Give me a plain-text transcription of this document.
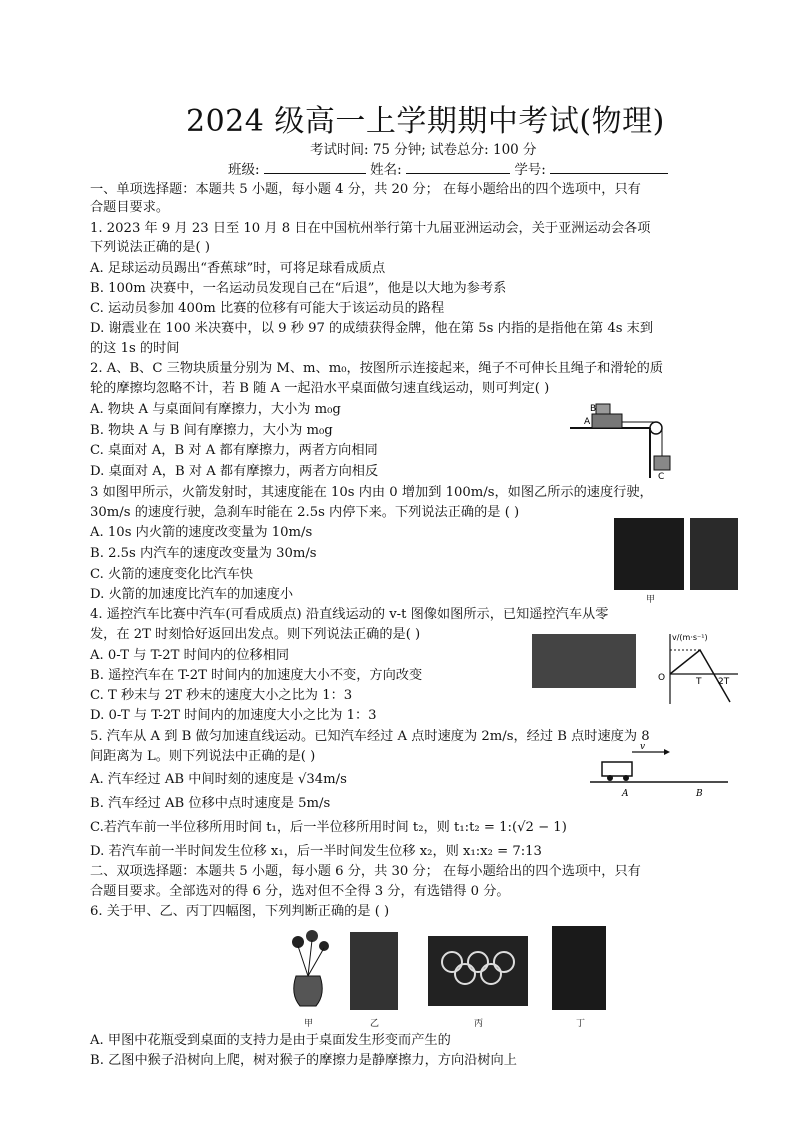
2024 级高一上学期期中考试(物理)
考试时间: 75 分钟; 试卷总分: 100 分
班级:	姓名:	学号:
一、单项选择题：本题共 5 小题，每小题 4 分，共 20 分； 在每小题给出的四个选项中，只有
合题目要求。
1. 2023 年 9 月 23 日至 10 月 8 日在中国杭州举行第十九届亚洲运动会，关于亚洲运动会各项
下列说法正确的是( )
A. 足球运动员踢出“香蕉球”时，可将足球看成质点
B. 100m 决赛中，一名运动员发现自己在“后退”，他是以大地为参考系
C. 运动员参加 400m 比赛的位移有可能大于该运动员的路程
D. 谢震业在 100 米决赛中，以 9 秒 97 的成绩获得金牌，他在第 5s 内指的是指他在第 4s 末到
的这 1s 的时间
2. A、B、C 三物块质量分别为 M、m、m₀，按图所示连接起来，绳子不可伸长且绳子和滑轮的质
轮的摩擦均忽略不计，若 B 随 A 一起沿水平桌面做匀速直线运动，则可判定( )
A. 物块 A 与桌面间有摩擦力，大小为 m₀g
B. 物块 A 与 B 间有摩擦力，大小为 m₀g
C. 桌面对 A，B 对 A 都有摩擦力，两者方向相同
D. 桌面对 A，B 对 A 都有摩擦力，两者方向相反
3 如图甲所示，火箭发射时，其速度能在 10s 内由 0 增加到 100m/s，如图乙所示的速度行驶，
30m/s 的速度行驶，急刹车时能在 2.5s 内停下来。下列说法正确的是 ( )
A. 10s 内火箭的速度改变量为 10m/s
B. 2.5s 内汽车的速度改变量为 30m/s
C. 火箭的速度变化比汽车快
D. 火箭的加速度比汽车的加速度小
4. 遥控汽车比赛中汽车(可看成质点) 沿直线运动的 v-t 图像如图所示，已知遥控汽车从零
发，在 2T 时刻恰好返回出发点。则下列说法正确的是( )
A. 0-T 与 T-2T 时间内的位移相同
B. 遥控汽车在 T-2T 时间内的加速度大小不变，方向改变
C. T 秒末与 2T 秒末的速度大小之比为 1：3
D. 0-T 与 T-2T 时间内的加速度大小之比为 1：3
5. 汽车从 A 到 B 做匀加速直线运动。已知汽车经过 A 点时速度为 2m/s，经过 B 点时速度为 8
间距离为 L。则下列说法中正确的是( )
A. 汽车经过 AB 中间时刻的速度是 √34m/s
B. 汽车经过 AB 位移中点时速度是 5m/s
C.若汽车前一半位移所用时间 t₁，后一半位移所用时间 t₂，则 t₁:t₂ = 1:(√2 − 1)
D. 若汽车前一半时间发生位移 x₁，后一半时间发生位移 x₂，则 x₁:x₂ = 7:13
二、双项选择题：本题共 5 小题，每小题 6 分，共 30 分； 在每小题给出的四个选项中，只有
合题目要求。全部选对的得 6 分，选对但不全得 3 分，有选错得 0 分。
6. 关于甲、乙、丙丁四幅图，下列判断正确的是 ( )
A. 甲图中花瓶受到桌面的支持力是由于桌面发生形变而产生的
B. 乙图中猴子沿树向上爬，树对猴子的摩擦力是静摩擦力，方向沿树向上
B
A
C
甲
v/(m·s⁻¹)
O	T 2T
v
A	B
甲	乙	丙	丁
